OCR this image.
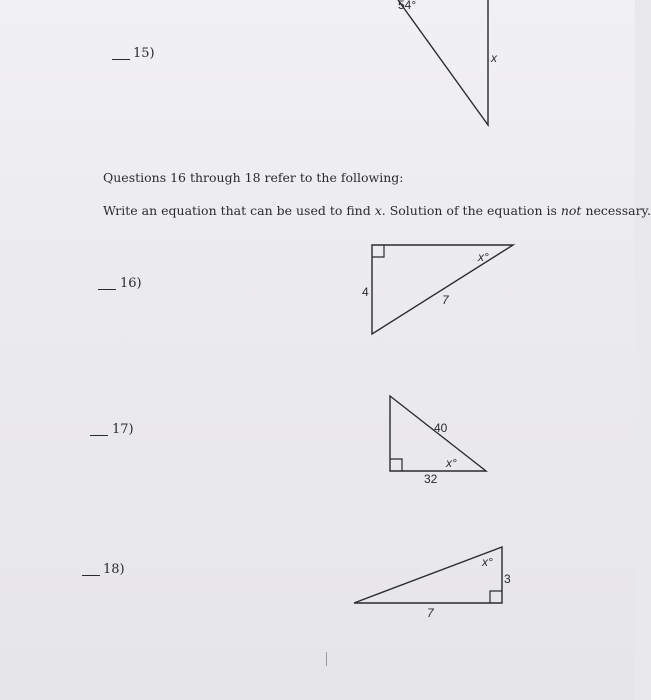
15)
54°
x
Questions 16 through 18 refer to the following:
Write an equation that can be used to find x. Solution of the equation is not necessary.
16)
4
7
x°
17)	40
x°
32
18)	x°
3
7
